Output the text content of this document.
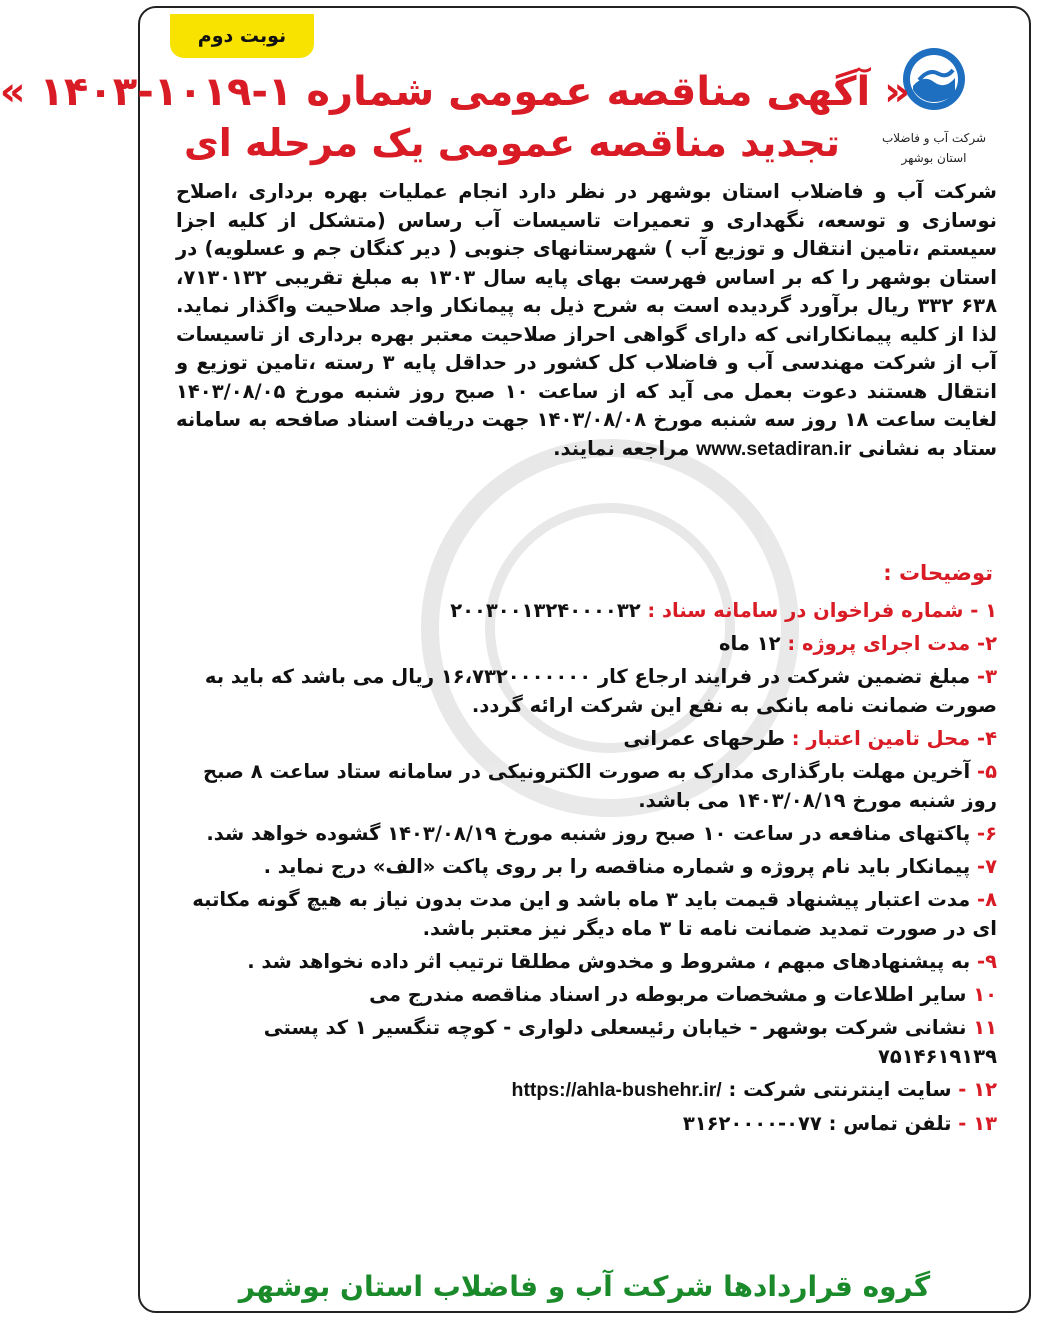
نوبت دوم
« آگهی مناقصه عمومی شماره ۱-۱۰۱۹-۱۴۰۳ »
تجدید مناقصه عمومی یک مرحله ای	شرکت آب و فاضلاب
استان بوشهر

شرکت آب و فاضلاب استان بوشهر در نظر دارد انجام عملیات بهره برداری ،اصلاح نوسازی و توسعه، نگهداری و تعمیرات تاسیسات آب رساس (متشکل از کلیه اجزا سیستم ،تامین انتقال و توزیع آب ) شهرستانهای جنوبی ( دیر کنگان جم و عسلویه) در استان بوشهر را که بر اساس فهرست بهای پایه سال ۱۳۰۳ به مبلغ تقریبی ۷۱۳۰۱۳۲، ۶۳۸ ۳۳۲ ریال برآورد گردیده است به شرح ذیل به پیمانکار واجد صلاحیت واگذار نماید. لذا از کلیه پیمانکارانی که دارای گواهی احراز صلاحیت معتبر بهره برداری از تاسیسات آب از شرکت مهندسی آب و فاضلاب کل کشور در حداقل پایه ۳ رسته ،تامین توزیع و انتقال هستند دعوت بعمل می آید که از ساعت ۱۰ صبح روز شنبه مورخ ۱۴۰۳/۰۸/۰۵ لغایت ساعت ۱۸ روز سه شنبه مورخ ۱۴۰۳/۰۸/۰۸ جهت دریافت اسناد صافحه به سامانه ستاد به نشانی www.setadiran.ir مراجعه نمایند.

توضیحات :

۱ - شماره فراخوان در سامانه سناد : ۲۰۰۳۰۰۱۳۲۴۰۰۰۰۳۲

۲- مدت اجرای پروژه : ۱۲ ماه

۳- مبلغ تضمین شرکت در فرایند ارجاع کار ۱۶،۷۳۲۰۰۰۰۰۰۰ ریال می باشد که باید به صورت ضمانت نامه بانکی به نفع این شرکت ارائه گردد.

۴- محل تامین اعتبار : طرحهای عمرانی

۵- آخرین مهلت بارگذاری مدارک به صورت الکترونیکی در سامانه ستاد ساعت ۸ صبح روز شنبه مورخ ۱۴۰۳/۰۸/۱۹ می باشد.

۶- پاکتهای منافعه در ساعت ۱۰ صبح روز شنبه مورخ ۱۴۰۳/۰۸/۱۹ گشوده خواهد شد.

۷- پیمانکار باید نام پروژه و شماره مناقصه را بر روی پاکت «الف» درج نماید .

۸- مدت اعتبار پیشنهاد قیمت باید ۳ ماه باشد و این مدت بدون نیاز به هیچ گونه مکاتبه ای در صورت تمدید ضمانت نامه تا ۳ ماه دیگر نیز معتبر باشد.

۹- به پیشنهادهای مبهم ، مشروط و مخدوش مطلقا ترتیب اثر داده نخواهد شد .

۱۰ سایر اطلاعات و مشخصات مربوطه در اسناد مناقصه مندرج می

۱۱ نشانی شرکت بوشهر - خیابان رئیسعلی دلواری - کوچه تنگسیر ۱ کد پستی ۷۵۱۴۶۱۹۱۳۹

۱۲ - سایت اینترنتی شرکت : https://ahla-bushehr.ir/

۱۳ - تلفن تماس : ۰۷۷-۳۱۶۲۰۰۰۰

گروه قراردادها شرکت آب و فاضلاب استان بوشهر
